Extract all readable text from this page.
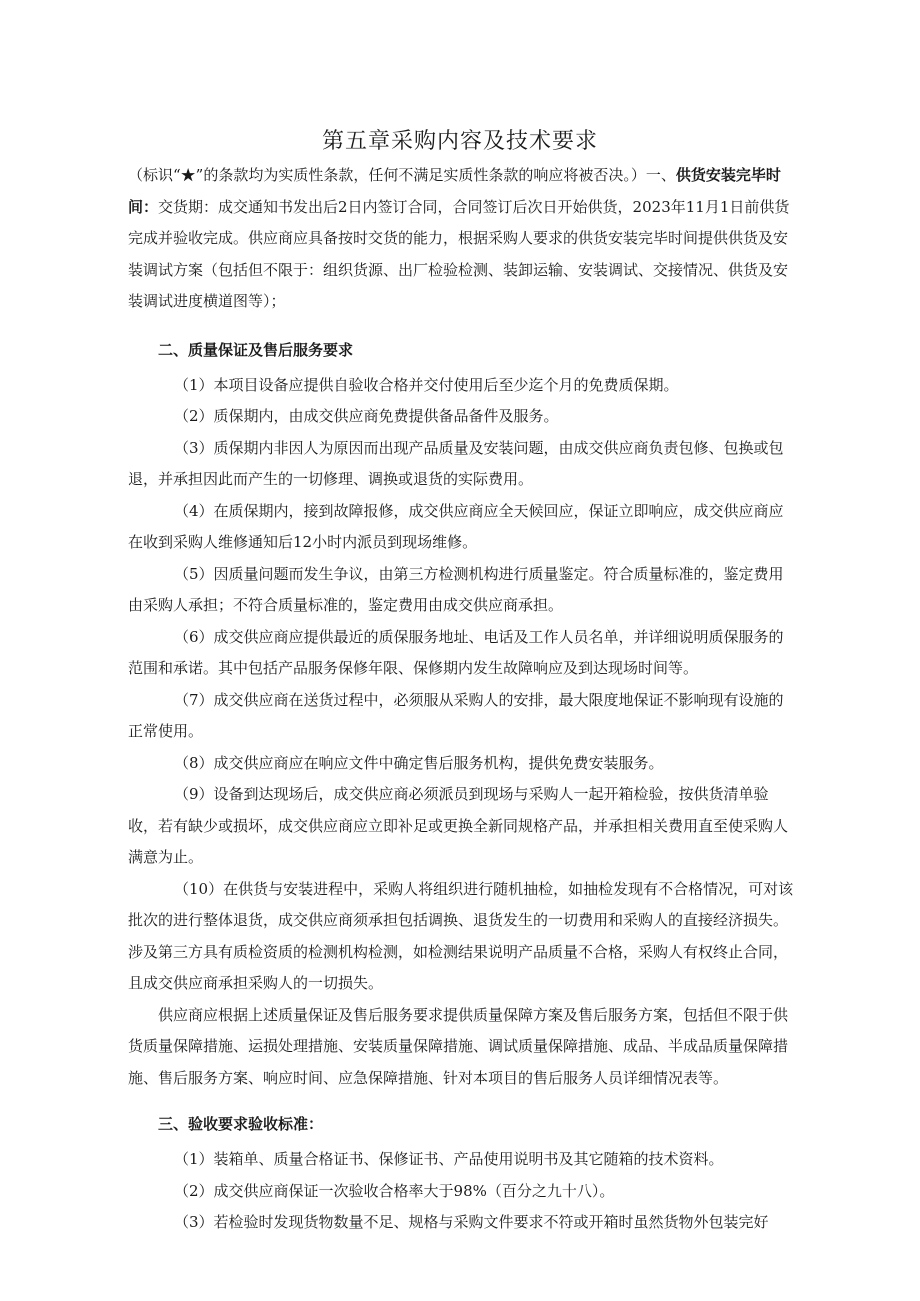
第五章采购内容及技术要求

（标识“★”的条款均为实质性条款，任何不满足实质性条款的响应将被否决。）一、供货安装完毕时间：交货期：成交通知书发出后2日内签订合同，合同签订后次日开始供货，2023年11月1日前供货完成并验收完成。供应商应具备按时交货的能力，根据采购人要求的供货安装完毕时间提供供货及安装调试方案（包括但不限于：组织货源、出厂检验检测、装卸运输、安装调试、交接情况、供货及安装调试进度横道图等）；

二、质量保证及售后服务要求

（1）本项目设备应提供自验收合格并交付使用后至少迄个月的免费质保期。

（2）质保期内，由成交供应商免费提供备品备件及服务。

（3）质保期内非因人为原因而出现产品质量及安装问题，由成交供应商负责包修、包换或包退，并承担因此而产生的一切修理、调换或退货的实际费用。

（4）在质保期内，接到故障报修，成交供应商应全天候回应，保证立即响应，成交供应商应在收到采购人维修通知后12小时内派员到现场维修。

（5）因质量问题而发生争议，由第三方检测机构进行质量鉴定。符合质量标准的，鉴定费用由采购人承担；不符合质量标准的，鉴定费用由成交供应商承担。

（6）成交供应商应提供最近的质保服务地址、电话及工作人员名单，并详细说明质保服务的范围和承诺。其中包括产品服务保修年限、保修期内发生故障响应及到达现场时间等。

（7）成交供应商在送货过程中，必须服从采购人的安排，最大限度地保证不影响现有设施的正常使用。

（8）成交供应商应在响应文件中确定售后服务机构，提供免费安装服务。

（9）设备到达现场后，成交供应商必须派员到现场与采购人一起开箱检验，按供货清单验收，若有缺少或损坏，成交供应商应立即补足或更换全新同规格产品，并承担相关费用直至使采购人满意为止。

（10）在供货与安装进程中，采购人将组织进行随机抽检，如抽检发现有不合格情况，可对该批次的进行整体退货，成交供应商须承担包括调换、退货发生的一切费用和采购人的直接经济损失。涉及第三方具有质检资质的检测机构检测，如检测结果说明产品质量不合格，采购人有权终止合同，且成交供应商承担采购人的一切损失。

供应商应根据上述质量保证及售后服务要求提供质量保障方案及售后服务方案，包括但不限于供货质量保障措施、运损处理措施、安装质量保障措施、调试质量保障措施、成品、半成品质量保障措施、售后服务方案、响应时间、应急保障措施、针对本项目的售后服务人员详细情况表等。

三、验收要求验收标准：

（1）装箱单、质量合格证书、保修证书、产品使用说明书及其它随箱的技术资料。

（2）成交供应商保证一次验收合格率大于98%（百分之九十八）。

（3）若检验时发现货物数量不足、规格与采购文件要求不符或开箱时虽然货物外包装完好
